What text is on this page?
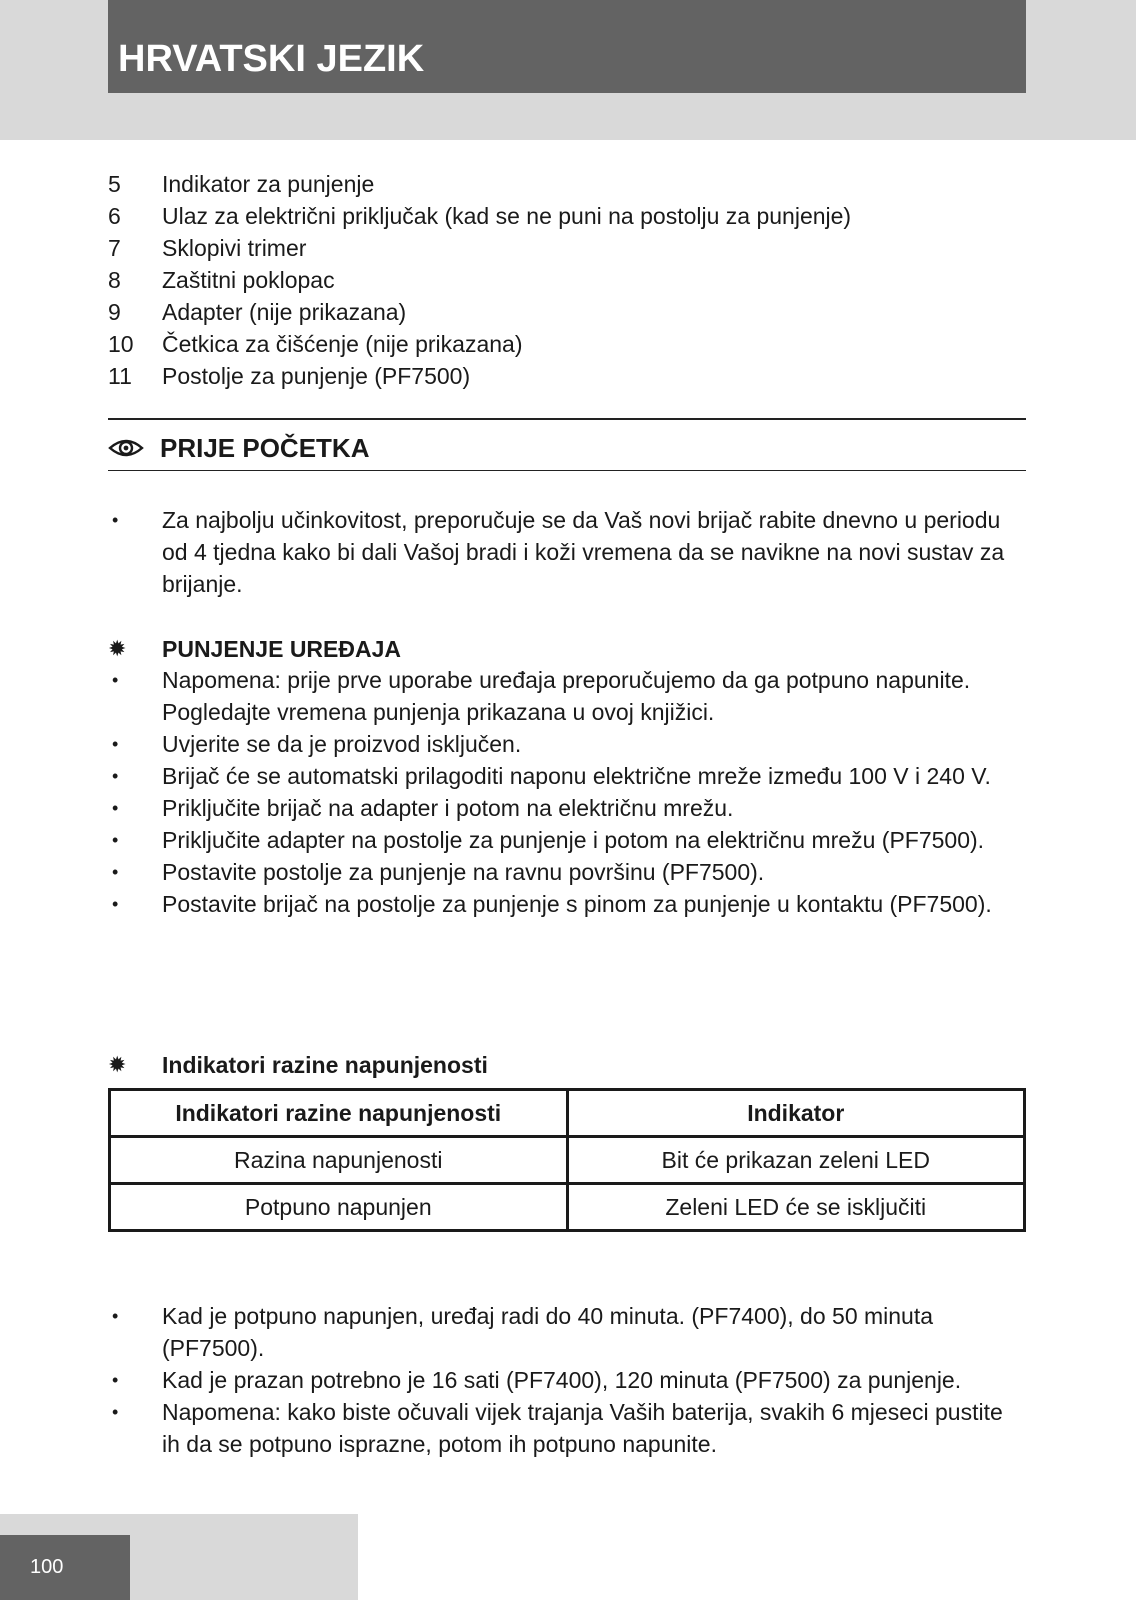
HRVATSKI JEZIK
5	Indikator za punjenje
6	Ulaz za električni priključak (kad se ne puni na postolju za punjenje)
7	Sklopivi trimer
8	Zaštitni poklopac
9	Adapter (nije prikazana)
10	Četkica za čišćenje (nije prikazana)
11	Postolje za punjenje (PF7500)
PRIJE POČETKA
•	Za najbolju učinkovitost, preporučuje se da Vaš novi brijač rabite dnevno u periodu od 4 tjedna kako bi dali Vašoj bradi i koži vremena da se navikne na novi sustav za brijanje.
✹	PUNJENJE UREĐAJA
•	Napomena: prije prve uporabe uređaja preporučujemo da ga potpuno napunite. Pogledajte vremena punjenja prikazana u ovoj knjižici.
•	Uvjerite se da je proizvod isključen.
•	Brijač će se automatski prilagoditi naponu električne mreže između 100 V i 240 V.
•	Priključite brijač na adapter i potom na električnu mrežu.
•	Priključite adapter na postolje za punjenje i potom na električnu mrežu (PF7500).
•	Postavite postolje za punjenje na ravnu površinu (PF7500).
•	Postavite brijač na postolje za punjenje s pinom za punjenje u kontaktu (PF7500).
✹	Indikatori razine napunjenosti
Indikatori razine napunjenosti	Indikator
Razina napunjenosti	Bit će prikazan zeleni LED
Potpuno napunjen	Zeleni LED će se isključiti
•	Kad je potpuno napunjen, uređaj radi do 40 minuta. (PF7400), do 50 minuta (PF7500).
•	Kad je prazan potrebno je 16 sati (PF7400), 120 minuta (PF7500) za punjenje.
•	Napomena: kako biste očuvali vijek trajanja Vaših baterija, svakih 6 mjeseci pustite ih da se potpuno isprazne, potom ih potpuno napunite.
100
